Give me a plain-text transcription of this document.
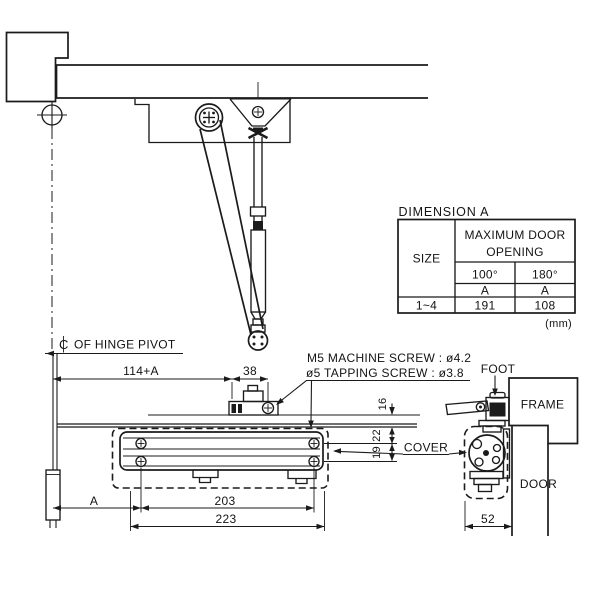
114+A	38
A	203
223
16
22
19
52
C OF HINGE PIVOT
M5 MACHINE SCREW : ø4.2
ø5 TAPPING SCREW : ø3.8 FOOT
FRAME
DOOR
COVER
DIMENSION A
SIZE
MAXIMUM DOOR
OPENING
100°	180°
A	A
1~4	191	108
(mm)
